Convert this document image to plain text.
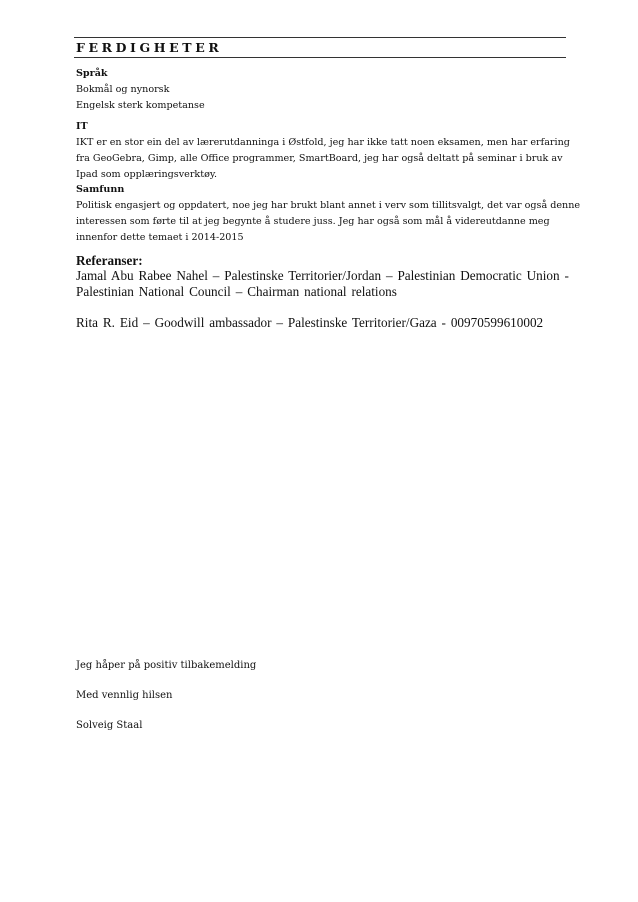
FERDIGHETER
Språk
Bokmål og nynorsk
Engelsk sterk kompetanse
IT
IKT er en stor ein del av lærerutdanninga i Østfold, jeg har ikke tatt noen eksamen, men har erfaring
fra GeoGebra, Gimp, alle Office programmer, SmartBoard, jeg har også deltatt på seminar i bruk av
Ipad som opplæringsverktøy.
Samfunn
Politisk engasjert og oppdatert, noe jeg har brukt blant annet i verv som tillitsvalgt, det var også denne
interessen som førte til at jeg begynte å studere juss. Jeg har også som mål å videreutdanne meg
innenfor dette temaet i 2014-2015
Referanser:
Jamal Abu Rabee Nahel – Palestinske Territorier/Jordan – Palestinian Democratic Union -
Palestinian National Council – Chairman national relations
Rita R. Eid – Goodwill ambassador – Palestinske Territorier/Gaza - 00970599610002
Jeg håper på positiv tilbakemelding
Med vennlig hilsen
Solveig Staal
